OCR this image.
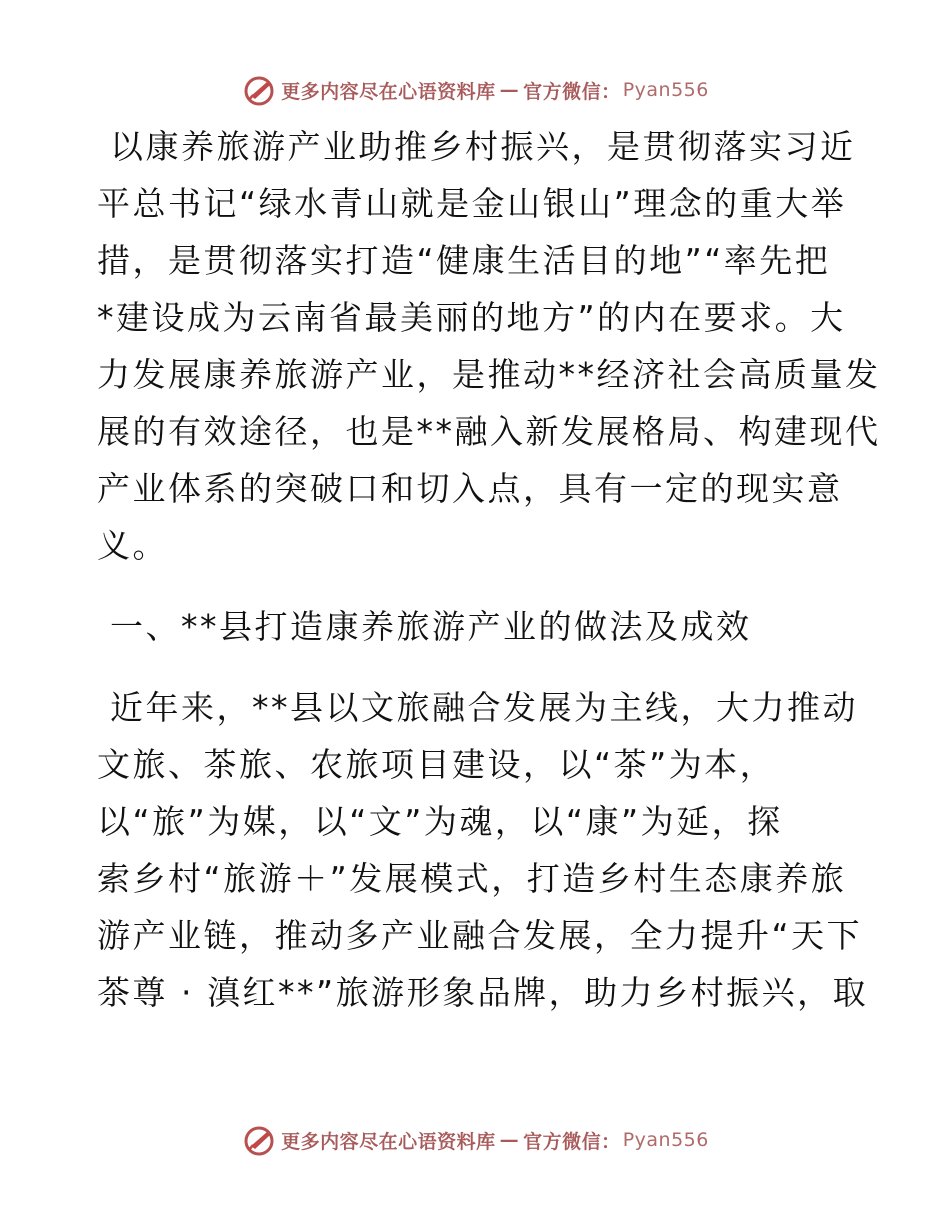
更多内容尽在心语资料库 — 官方微信： Pyan556

以康养旅游产业助推乡村振兴，是贯彻落实习近

平总书记“绿水青山就是金山银山”理念的重大举

措，是贯彻落实打造“健康生活目的地”“率先把

*建设成为云南省最美丽的地方”的内在要求。大

力发展康养旅游产业，是推动**经济社会高质量发

展的有效途径，也是**融入新发展格局、构建现代

产业体系的突破口和切入点，具有一定的现实意

义。

一、**县打造康养旅游产业的做法及成效

近年来，**县以文旅融合发展为主线，大力推动

文旅、茶旅、农旅项目建设，以“茶”为本，

以“旅”为媒，以“文”为魂，以“康”为延，探

索乡村“旅游＋”发展模式，打造乡村生态康养旅

游产业链，推动多产业融合发展，全力提升“天下

茶尊 · 滇红**”旅游形象品牌，助力乡村振兴，取

更多内容尽在心语资料库 — 官方微信： Pyan556
